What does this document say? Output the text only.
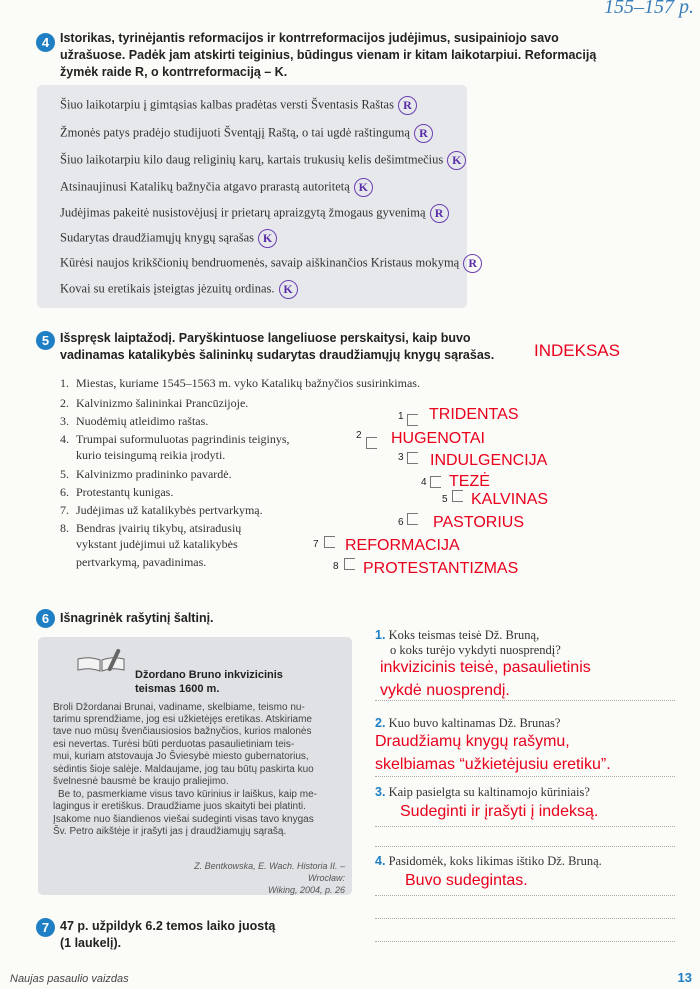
155–157 p.
4 Istorikas, tyrinėjantis reformacijos ir kontrreformacijos judėjimus, susipainiojo savo
užrašuose. Padėk jam atskirti teiginius, būdingus vienam ir kitam laikotarpiui. Reformaciją
žymėk raide R, o kontrreformaciją – K.
Šiuo laikotarpiu į gimtąsias kalbas pradėtas versti Šventasis Raštas R
Žmonės patys pradėjo studijuoti Šventąjį Raštą, o tai ugdė raštingumą R
Šiuo laikotarpiu kilo daug religinių karų, kartais trukusių kelis dešimtmečius K
Atsinaujinusi Katalikų bažnyčia atgavo prarastą autoritetą K
Judėjimas pakeitė nusistovėjusį ir prietarų apraizgytą žmogaus gyvenimą R
Sudarytas draudžiamųjų knygų sąrašas K
Kūrėsi naujos krikščionių bendruomenės, savaip aiškinančios Kristaus mokymą R
Kovai su eretikais įsteigtas jėzuitų ordinas. K
5 Išspręsk laiptažodį. Paryškintuose langeliuose perskaitysi, kaip buvo
vadinamas katalikybės šalininkų sudarytas draudžiamųjų knygų sąrašas.	INDEKSAS
1. Miestas, kuriame 1545–1563 m. vyko Katalikų bažnyčios susirinkimas.
2. Kalvinizmo šalininkai Prancūzijoje.
3. Nuodėmių atleidimo raštas.
4. Trumpai suformuluotas pagrindinis teiginys,
kurio teisingumą reikia įrodyti.
5. Kalvinizmo pradininko pavardė.
6. Protestantų kunigas.
7. Judėjimas už katalikybės pertvarkymą.
8. Bendras įvairių tikybų, atsiradusių
vykstant judėjimui už katalikybės
pertvarkymą, pavadinimas.
1
2
3
4
5
6
7
8
TRIDENTAS
HUGENOTAI
INDULGENCIJA
TEZĖ
KALVINAS
PASTORIUS
REFORMACIJA
PROTESTANTIZMAS
6 Išnagrinėk rašytinį šaltinį.
Džordano Bruno inkvizicinis
teismas 1600 m.
Broli Džordanai Brunai, vadiname, skelbiame, teismo nu-
tarimu sprendžiame, jog esi užkietėjęs eretikas. Atskiriame
tave nuo mūsų švenčiausiosios bažnyčios, kurios malonės
esi nevertas. Turėsi būti perduotas pasaulietiniam teis-
mui, kuriam atstovauja Jo Šviesybė miesto gubernatorius,
sėdintis šioje salėje. Maldaujame, jog tau būtų paskirta kuo
švelnesnė bausmė be kraujo praliejimo.
Be to, pasmerkiame visus tavo kūrinius ir laiškus, kaip me-
lagingus ir eretiškus. Draudžiame juos skaityti bei platinti.
Įsakome nuo šiandienos viešai sudeginti visas tavo knygas
Šv. Petro aikštėje ir įrašyti jas į draudžiamųjų sąrašą.
Z. Bentkowska, E. Wach. Historia II. – Wrocław:
Wiking, 2004, p. 26
1. Koks teismas teisė Dž. Bruną,
o koks turėjo vykdyti nuosprendį?
inkvizicinis teisė, pasaulietinis
vykdė nuosprendį.
2. Kuo buvo kaltinamas Dž. Brunas?
Draudžiamų knygų rašymu,
skelbiamas “užkietėjusiu eretiku”.
3. Kaip pasielgta su kaltinamojo kūriniais?
Sudeginti ir įrašyti į indeksą.
4. Pasidomėk, koks likimas ištiko Dž. Bruną.
Buvo sudegintas.
7 47 p. užpildyk 6.2 temos laiko juostą
(1 laukelį).
Naujas pasaulio vaizdas	13
